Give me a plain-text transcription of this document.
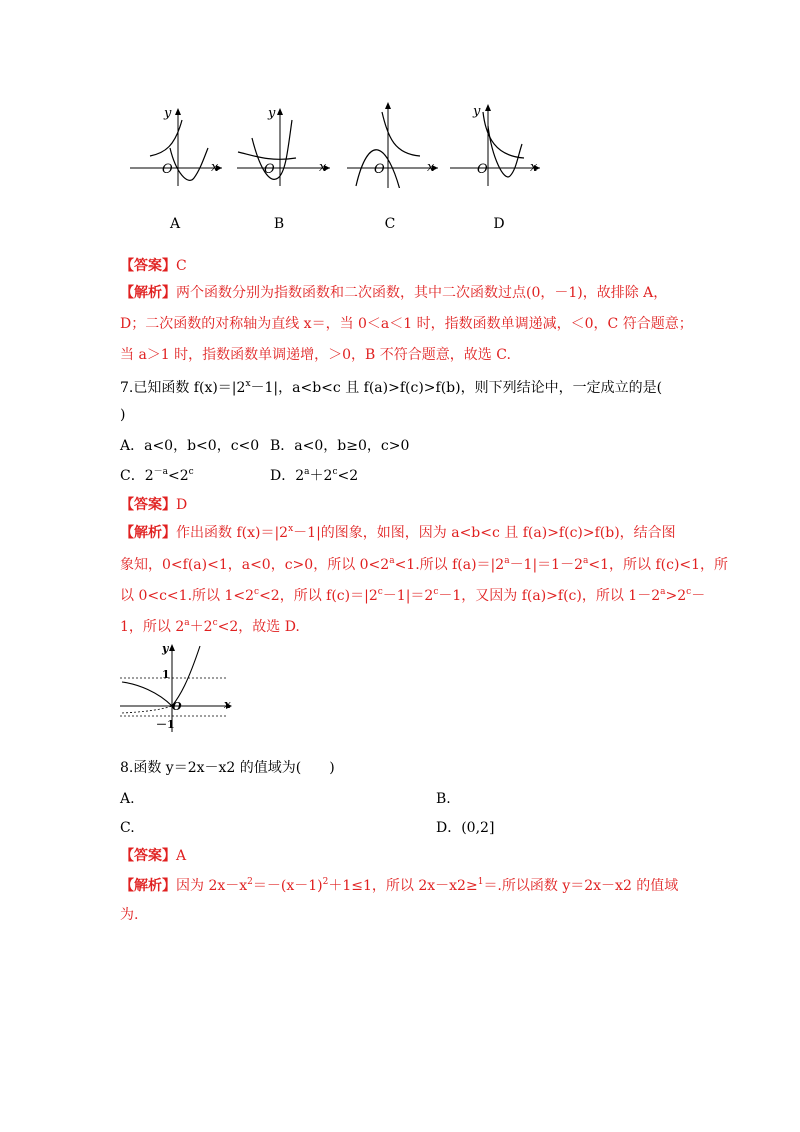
y
x
O
y
x
O	x
O
y
x
O
A	B	C	D
【答案】C
【解析】两个函数分别为指数函数和二次函数，其中二次函数过点(0，－1)，故排除 A，
D；二次函数的对称轴为直线 x＝，当 0＜a＜1 时，指数函数单调递减，＜0，C 符合题意；
当 a＞1 时，指数函数单调递增，＞0，B 不符合题意，故选 C.
7.已知函数 $f(x)=|2^x-1|$，a<b<c 且 f(a)>f(c)>f(b)，则下列结论中，一定成立的是(
)
A．a<0，b<0，c<0 B．a<0，b≥0，c>0
C．$2^{-a}<2^c$	D．$2^a+2^c<2$
【答案】D
【解析】作出函数 $f(x)=|2^x-1|$的图象，如图，因为 a<b<c 且 f(a)>f(c)>f(b)，结合图
象知，0<f(a)<1，a<0，c>0，所以 $0<2^a<1$.所以 $f(a)=|2^a-1|=1-2^a<1$，所以 f(c)<1，所
以 0<c<1.所以 $1<2^c<2$，所以 $f(c)=|2^c-1|=2^c-1$，又因为 f(a)>f(c)，所以 $1-2^a>2^c-$
1，所以 $2^a+2^c<2$，故选 D.
y
x
O
1
－1
8.函数 y＝2x－x2 的值域为(　　)
A.	B.
C.	D．(0,2]
【答案】A
【解析】因为 $2x-x^2=-(x-1)^2+1\le 1$，所以 2x－x2≥$^1$＝.所以函数 y＝2x－x2 的值域
为.
